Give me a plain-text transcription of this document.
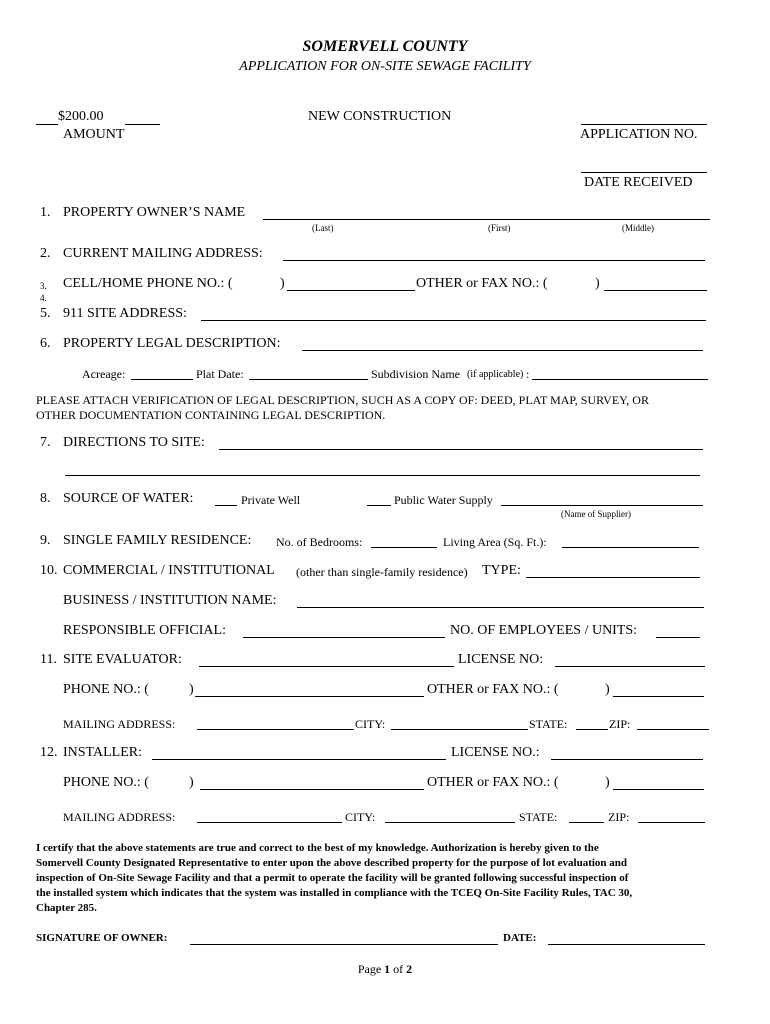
SOMERVELL COUNTY
APPLICATION FOR ON-SITE SEWAGE FACILITY
$200.00
AMOUNT
NEW CONSTRUCTION
APPLICATION NO.
DATE RECEIVED
1. PROPERTY OWNER’S NAME
(Last)	(First)	(Middle)
2. CURRENT MAILING ADDRESS:
3. CELL/HOME PHONE NO.: (	)	OTHER or FAX NO.: (	)
4.
5. 911 SITE ADDRESS:
6. PROPERTY LEGAL DESCRIPTION:
Acreage:	Plat Date:	Subdivision Name (if applicable) :
PLEASE ATTACH VERIFICATION OF LEGAL DESCRIPTION, SUCH AS A COPY OF: DEED, PLAT MAP, SURVEY, OR
OTHER DOCUMENTATION CONTAINING LEGAL DESCRIPTION.
7. DIRECTIONS TO SITE:
8. SOURCE OF WATER:	Private Well	Public Water Supply
(Name of Supplier)
9. SINGLE FAMILY RESIDENCE: No. of Bedrooms:	Living Area (Sq. Ft.):
10. COMMERCIAL / INSTITUTIONAL (other than single-family residence) TYPE:
BUSINESS / INSTITUTION NAME:
RESPONSIBLE OFFICIAL:	NO. OF EMPLOYEES / UNITS:
11. SITE EVALUATOR:	LICENSE NO:
PHONE NO.: (	)	OTHER or FAX NO.: (	)
MAILING ADDRESS:	CITY:	STATE:	ZIP:
12. INSTALLER:	LICENSE NO.:
PHONE NO.: (	)	OTHER or FAX NO.: (	)
MAILING ADDRESS:	CITY:	STATE:	ZIP:
I certify that the above statements are true and correct to the best of my knowledge. Authorization is hereby given to the
Somervell County Designated Representative to enter upon the above described property for the purpose of lot evaluation and
inspection of On-Site Sewage Facility and that a permit to operate the facility will be granted following successful inspection of
the installed system which indicates that the system was installed in compliance with the TCEQ On-Site Facility Rules, TAC 30,
Chapter 285.
SIGNATURE OF OWNER:	DATE:
Page 1 of 2
